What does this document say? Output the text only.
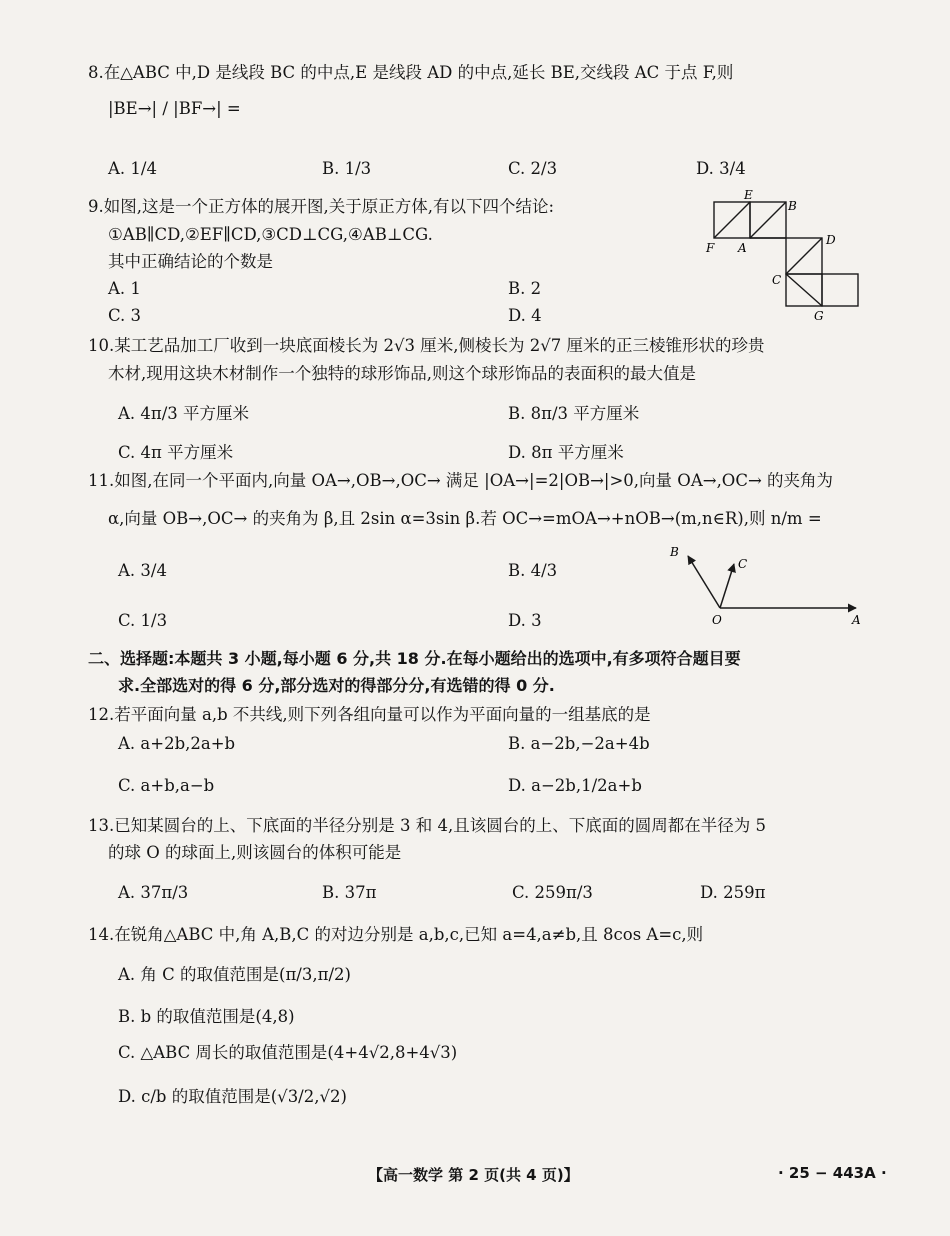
8.在△ABC 中,D 是线段 BC 的中点,E 是线段 AD 的中点,延长 BE,交线段 AC 于点 F,则
|BE→| / |BF→| =
A. 1/4	B. 1/3	C. 2/3	D. 3/4
9.如图,这是一个正方体的展开图,关于原正方体,有以下四个结论:
①AB∥CD,②EF∥CD,③CD⊥CG,④AB⊥CG.
其中正确结论的个数是
A. 1	B. 2
C. 3	D. 4
E
B
F A
D
C
G
10.某工艺品加工厂收到一块底面棱长为 2√3 厘米,侧棱长为 2√7 厘米的正三棱锥形状的珍贵
木材,现用这块木材制作一个独特的球形饰品,则这个球形饰品的表面积的最大值是
A. 4π/3 平方厘米	B. 8π/3 平方厘米
C. 4π 平方厘米	D. 8π 平方厘米
11.如图,在同一个平面内,向量 OA→,OB→,OC→ 满足 |OA→|=2|OB→|>0,向量 OA→,OC→ 的夹角为
α,向量 OB→,OC→ 的夹角为 β,且 2sin α=3sin β.若 OC→=mOA→+nOB→(m,n∈R),则 n/m =
A. 3/4	B. 4/3
C. 1/3	D. 3
B
C
O	A
二、选择题:本题共 3 小题,每小题 6 分,共 18 分.在每小题给出的选项中,有多项符合题目要
求.全部选对的得 6 分,部分选对的得部分分,有选错的得 0 分.
12.若平面向量 a,b 不共线,则下列各组向量可以作为平面向量的一组基底的是
A. a+2b,2a+b	B. a−2b,−2a+4b
C. a+b,a−b	D. a−2b,1/2a+b
13.已知某圆台的上、下底面的半径分别是 3 和 4,且该圆台的上、下底面的圆周都在半径为 5
的球 O 的球面上,则该圆台的体积可能是
A. 37π/3	B. 37π	C. 259π/3	D. 259π
14.在锐角△ABC 中,角 A,B,C 的对边分别是 a,b,c,已知 a=4,a≠b,且 8cos A=c,则
A. 角 C 的取值范围是(π/3,π/2)
B. b 的取值范围是(4,8)
C. △ABC 周长的取值范围是(4+4√2,8+4√3)
D. c/b 的取值范围是(√3/2,√2)
【高一数学 第 2 页(共 4 页)】	· 25 − 443A ·
